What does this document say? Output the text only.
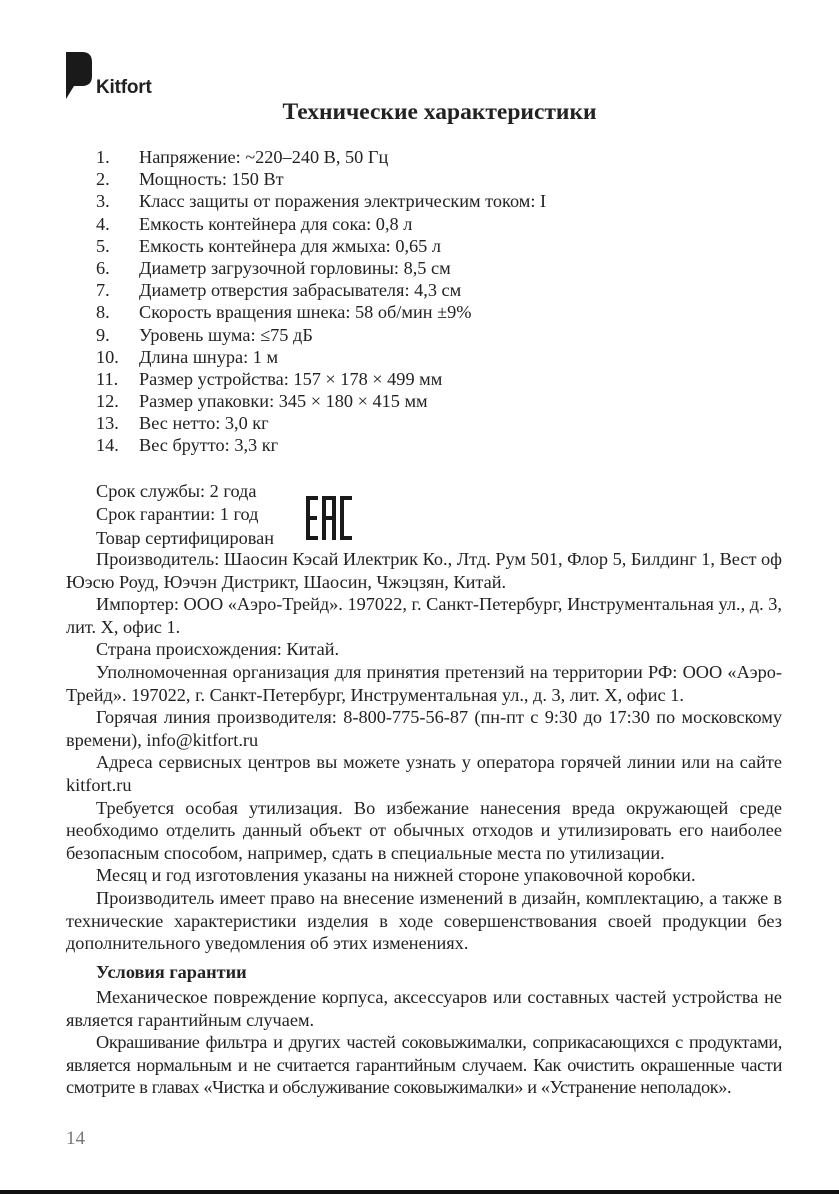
Kitfort
Технические характеристики
1. Напряжение: ~220–240 В, 50 Гц
2. Мощность: 150 Вт
3. Класс защиты от поражения электрическим током: I
4. Емкость контейнера для сока: 0,8 л
5. Емкость контейнера для жмыха: 0,65 л
6. Диаметр загрузочной горловины: 8,5 см
7. Диаметр отверстия забрасывателя: 4,3 см
8. Скорость вращения шнека: 58 об/мин ±9%
9. Уровень шума: ≤75 дБ
10. Длина шнура: 1 м
11. Размер устройства: 157 × 178 × 499 мм
12. Размер упаковки: 345 × 180 × 415 мм
13. Вес нетто: 3,0 кг
14. Вес брутто: 3,3 кг
Срок службы: 2 года
Срок гарантии: 1 год
Товар сертифицирован

Производитель: Шаосин Кэсай Илектрик Ко., Лтд. Рум 501, Флор 5, Билдинг 1, Вест оф Юэсю Роуд, Юэчэн Дистрикт, Шаосин, Чжэцзян, Китай.

Импортер: ООО «Аэро-Трейд». 197022, г. Санкт-Петербург, Инструментальная ул., д. 3, лит. Х, офис 1.

Страна происхождения: Китай.

Уполномоченная организация для принятия претензий на территории РФ: ООО «Аэро-Трейд». 197022, г. Санкт-Петербург, Инструментальная ул., д. 3, лит. Х, офис 1.

Горячая линия производителя: 8-800-775-56-87 (пн-пт с 9:30 до 17:30 по московскому времени), info@kitfort.ru

Адреса сервисных центров вы можете узнать у оператора горячей линии или на сайте kitfort.ru

Требуется особая утилизация. Во избежание нанесения вреда окружающей среде необходимо отделить данный объект от обычных отходов и утилизировать его наиболее безопасным способом, например, сдать в специальные места по утилизации.

Месяц и год изготовления указаны на нижней стороне упаковочной коробки.

Производитель имеет право на внесение изменений в дизайн, комплектацию, а также в технические характеристики изделия в ходе совершенствования своей продукции без дополнительного уведомления об этих изменениях.

Условия гарантии

Механическое повреждение корпуса, аксессуаров или составных частей устройства не является гарантийным случаем.

Окрашивание фильтра и других частей соковыжималки, соприкасающихся с продуктами, является нормальным и не считается гарантийным случаем. Как очистить окрашенные части смотрите в главах «Чистка и обслуживание соковыжималки» и «Устранение неполадок».

14
